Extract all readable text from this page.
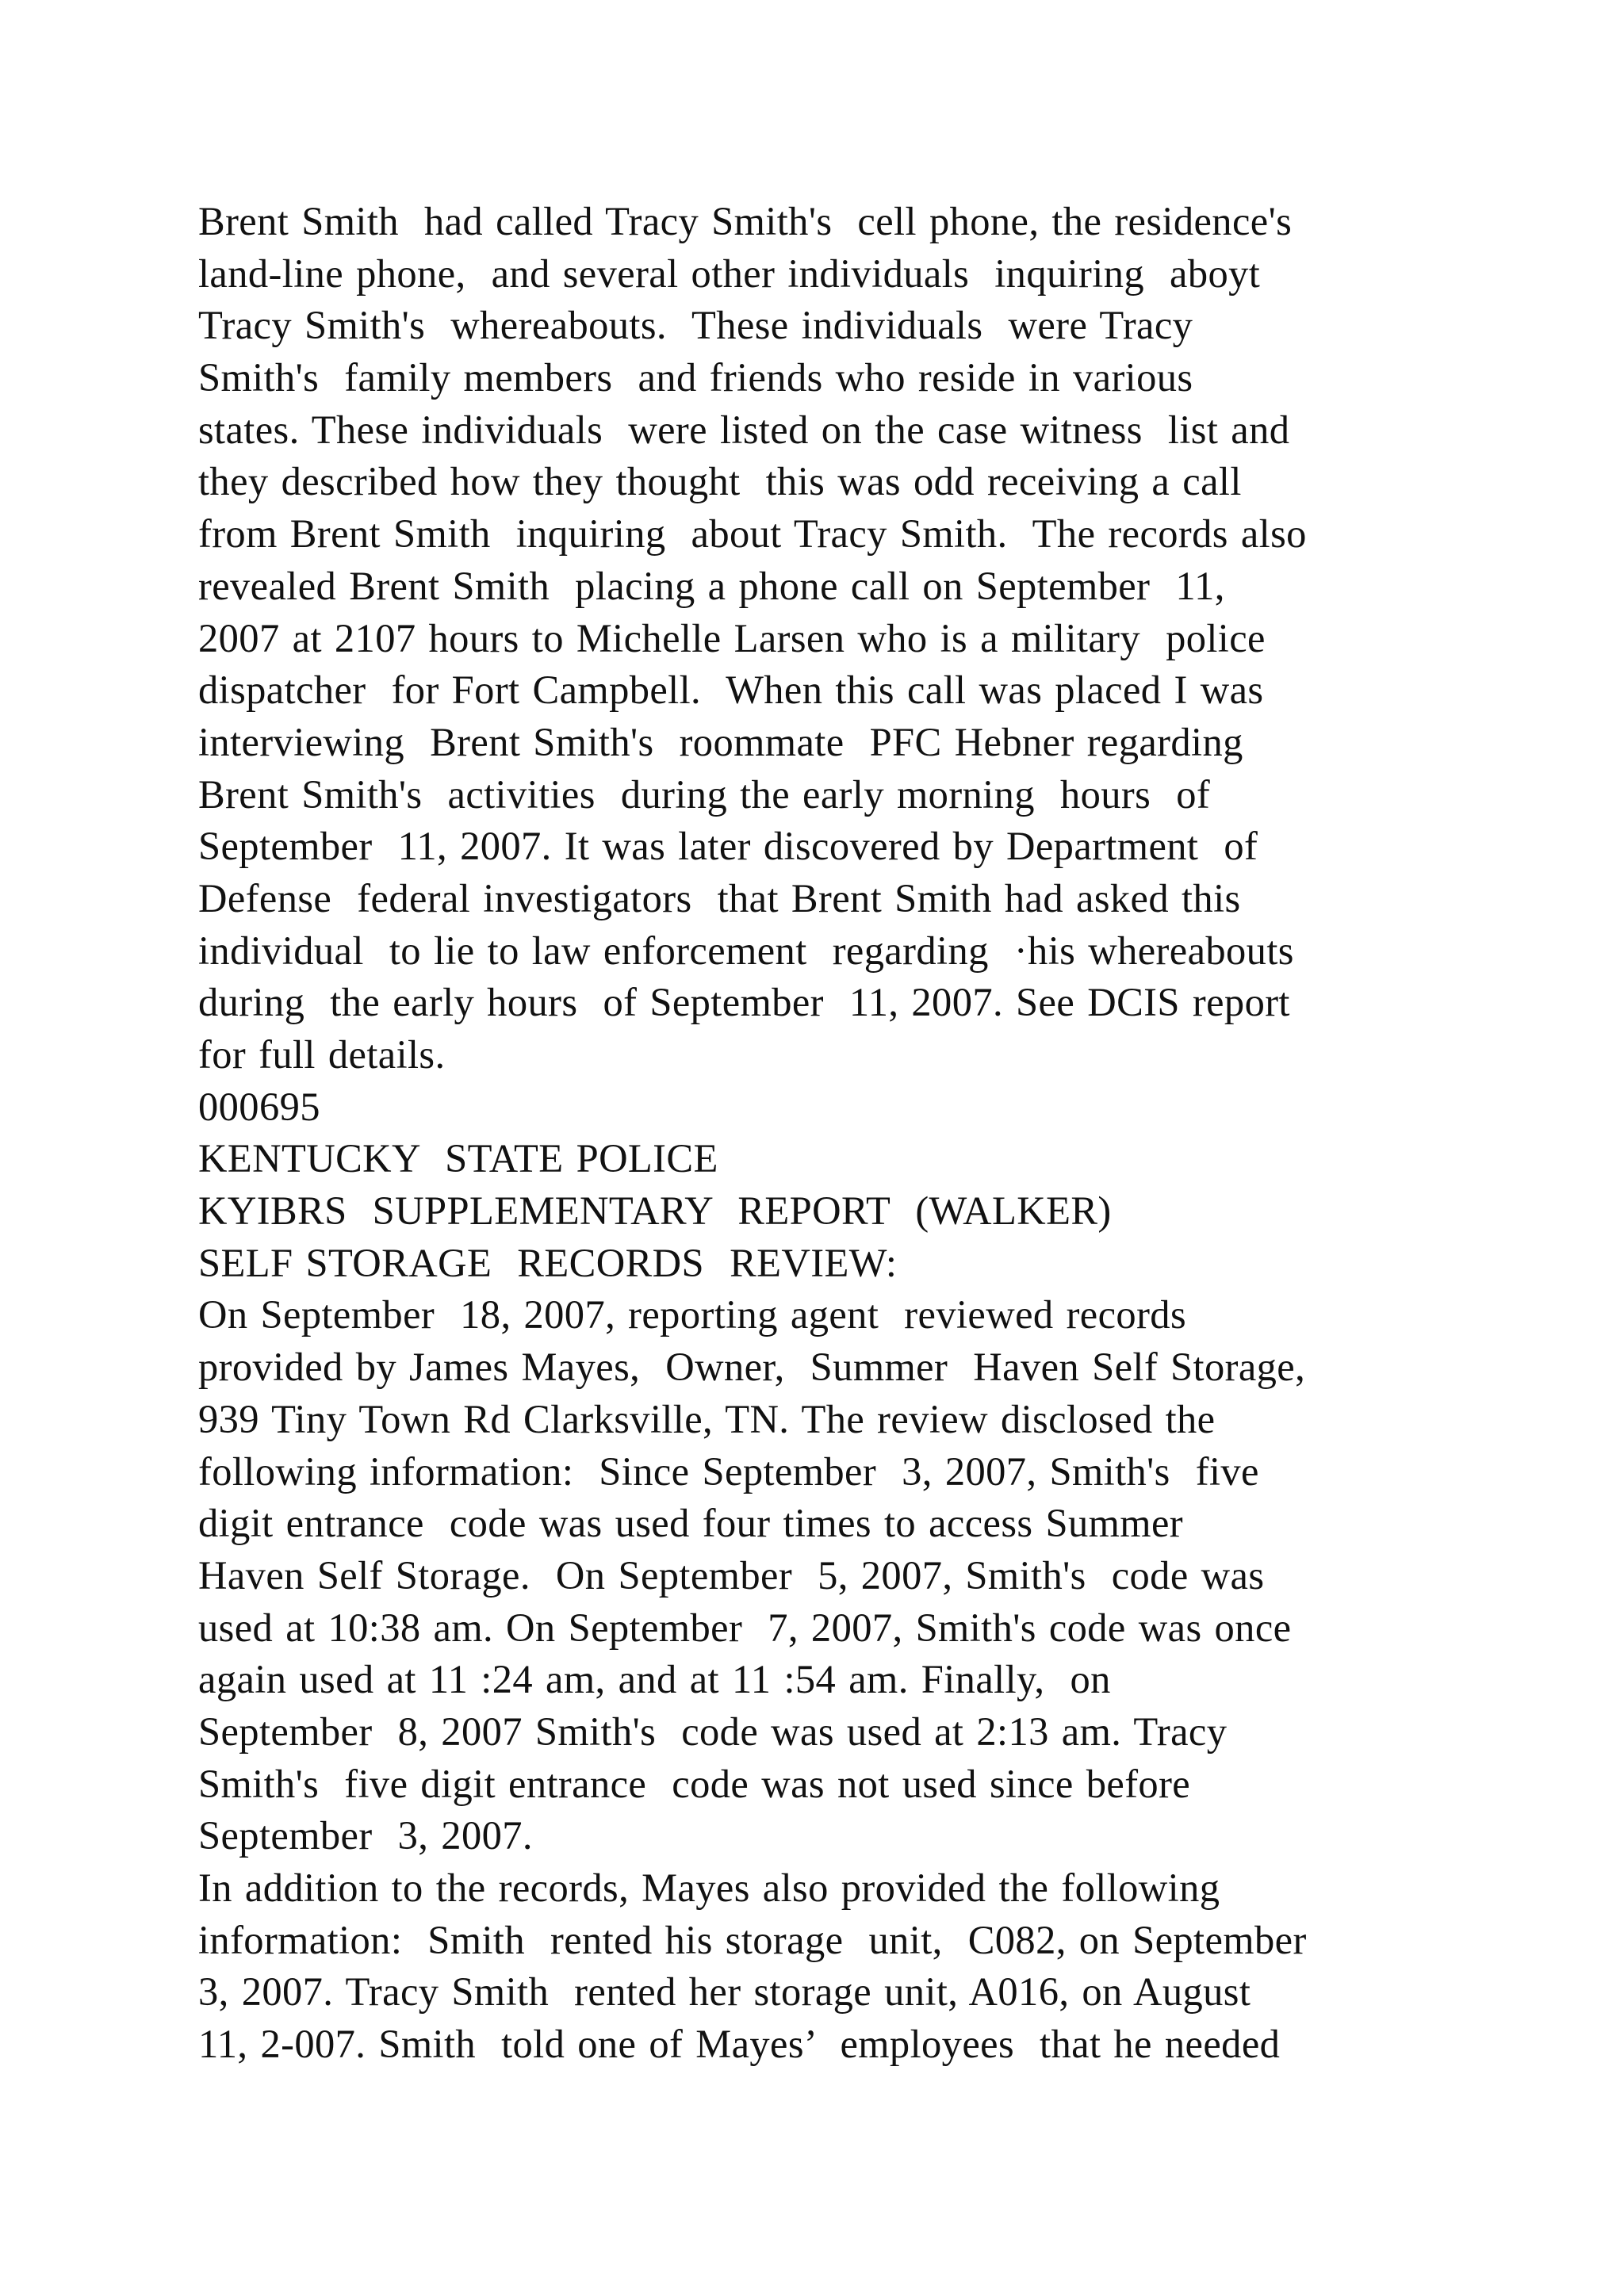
Brent Smith  had called Tracy Smith's  cell phone, the residence's
land-line phone,  and several other individuals  inquiring  aboyt
Tracy Smith's  whereabouts.  These individuals  were Tracy
Smith's  family members  and friends who reside in various
states. These individuals  were listed on the case witness  list and
they described how they thought  this was odd receiving a call
from Brent Smith  inquiring  about Tracy Smith.  The records also
revealed Brent Smith  placing a phone call on September  11,
2007 at 2107 hours to Michelle Larsen who is a military  police
dispatcher  for Fort Campbell.  When this call was placed I was
interviewing  Brent Smith's  roommate  PFC Hebner regarding
Brent Smith's  activities  during the early morning  hours  of
September  11, 2007. It was later discovered by Department  of
Defense  federal investigators  that Brent Smith had asked this
individual  to lie to law enforcement  regarding  ·his whereabouts
during  the early hours  of September  11, 2007. See DCIS report
for full details.
000695
KENTUCKY  STATE POLICE
KYIBRS  SUPPLEMENTARY  REPORT  (WALKER)
SELF STORAGE  RECORDS  REVIEW:
On September  18, 2007, reporting agent  reviewed records
provided by James Mayes,  Owner,  Summer  Haven Self Storage,
939 Tiny Town Rd Clarksville, TN. The review disclosed the
following information:  Since September  3, 2007, Smith's  five
digit entrance  code was used four times to access Summer
Haven Self Storage.  On September  5, 2007, Smith's  code was
used at 10:38 am. On September  7, 2007, Smith's code was once
again used at 11 :24 am, and at 11 :54 am. Finally,  on
September  8, 2007 Smith's  code was used at 2:13 am. Tracy
Smith's  five digit entrance  code was not used since before
September  3, 2007.
In addition to the records, Mayes also provided the following
information:  Smith  rented his storage  unit,  C082, on September
3, 2007. Tracy Smith  rented her storage unit, A016, on August
11, 2-007. Smith  told one of Mayes’  employees  that he needed
